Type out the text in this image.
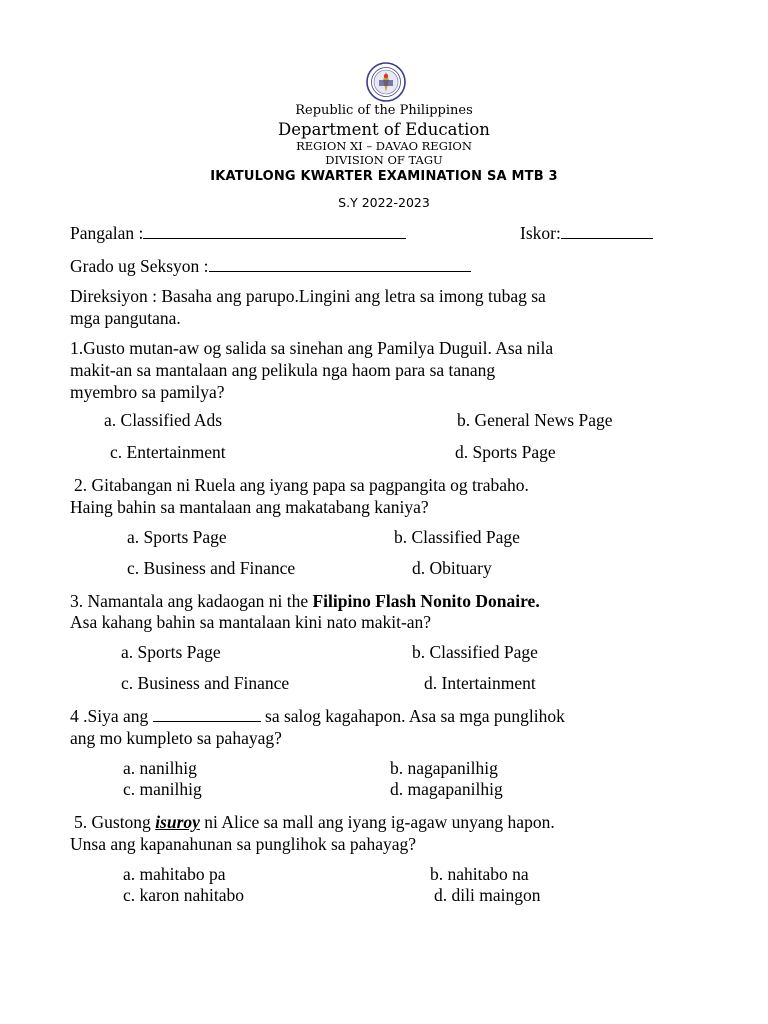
Republic of the Philippines
Department of Education
REGION XI – DAVAO REGION
DIVISION OF TAGU
IKATULONG KWARTER EXAMINATION SA MTB 3
S.Y 2022-2023
Pangalan :	Iskor:
Grado ug Seksyon :
Direksiyon : Basaha ang parupo.Lingini ang letra sa imong tubag sa
mga pangutana.
1.Gusto mutan-aw og salida sa sinehan ang Pamilya Duguil. Asa nila
makit-an sa mantalaan ang pelikula nga haom para sa tanang
myembro sa pamilya?
a. Classified Ads	b. General News Page
c. Entertainment	d. Sports Page
2. Gitabangan ni Ruela ang iyang papa sa pagpangita og trabaho.
Haing bahin sa mantalaan ang makatabang kaniya?
a. Sports Page	b. Classified Page
c. Business and Finance	d. Obituary
3. Namantala ang kadaogan ni the Filipino Flash Nonito Donaire.
Asa kahang bahin sa mantalaan kini nato makit-an?
a. Sports Page	b. Classified Page
c. Business and Finance	d. Intertainment
4 .Siya ang	sa salog kagahapon. Asa sa mga punglihok
ang mo kumpleto sa pahayag?
a. nanilhig	b. nagapanilhig
c. manilhig	d. magapanilhig
5. Gustong isuroy ni Alice sa mall ang iyang ig-agaw unyang hapon.
Unsa ang kapanahunan sa punglihok sa pahayag?
a. mahitabo pa	b. nahitabo na
c. karon nahitabo	d. dili maingon
